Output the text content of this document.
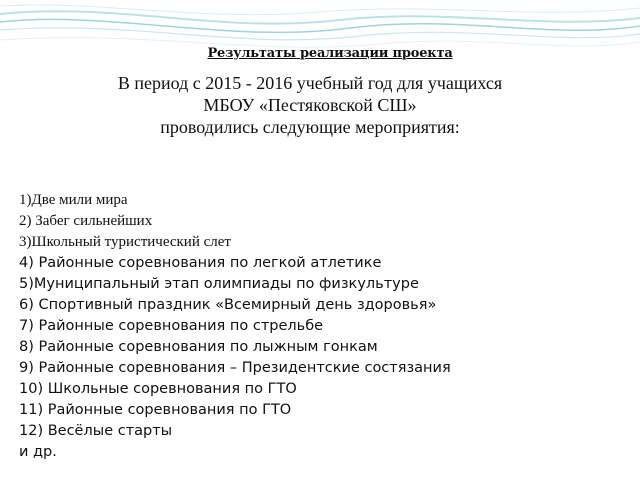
Результаты реализации проекта
В период с 2015 - 2016 учебный год для учащихся
МБОУ «Пестяковской СШ»
проводились следующие мероприятия:
1)Две мили мира
2) Забег сильнейших
3)Школьный туристический слет
4) Районные соревнования по легкой атлетике
5)Муниципальный этап олимпиады по физкультуре
6) Спортивный праздник «Всемирный день здоровья»
7) Районные соревнования по стрельбе
8) Районные соревнования по лыжным гонкам
9) Районные соревнования – Президентские состязания
10) Школьные соревнования по ГТО
11) Районные соревнования по ГТО
12) Весёлые старты
и др.
